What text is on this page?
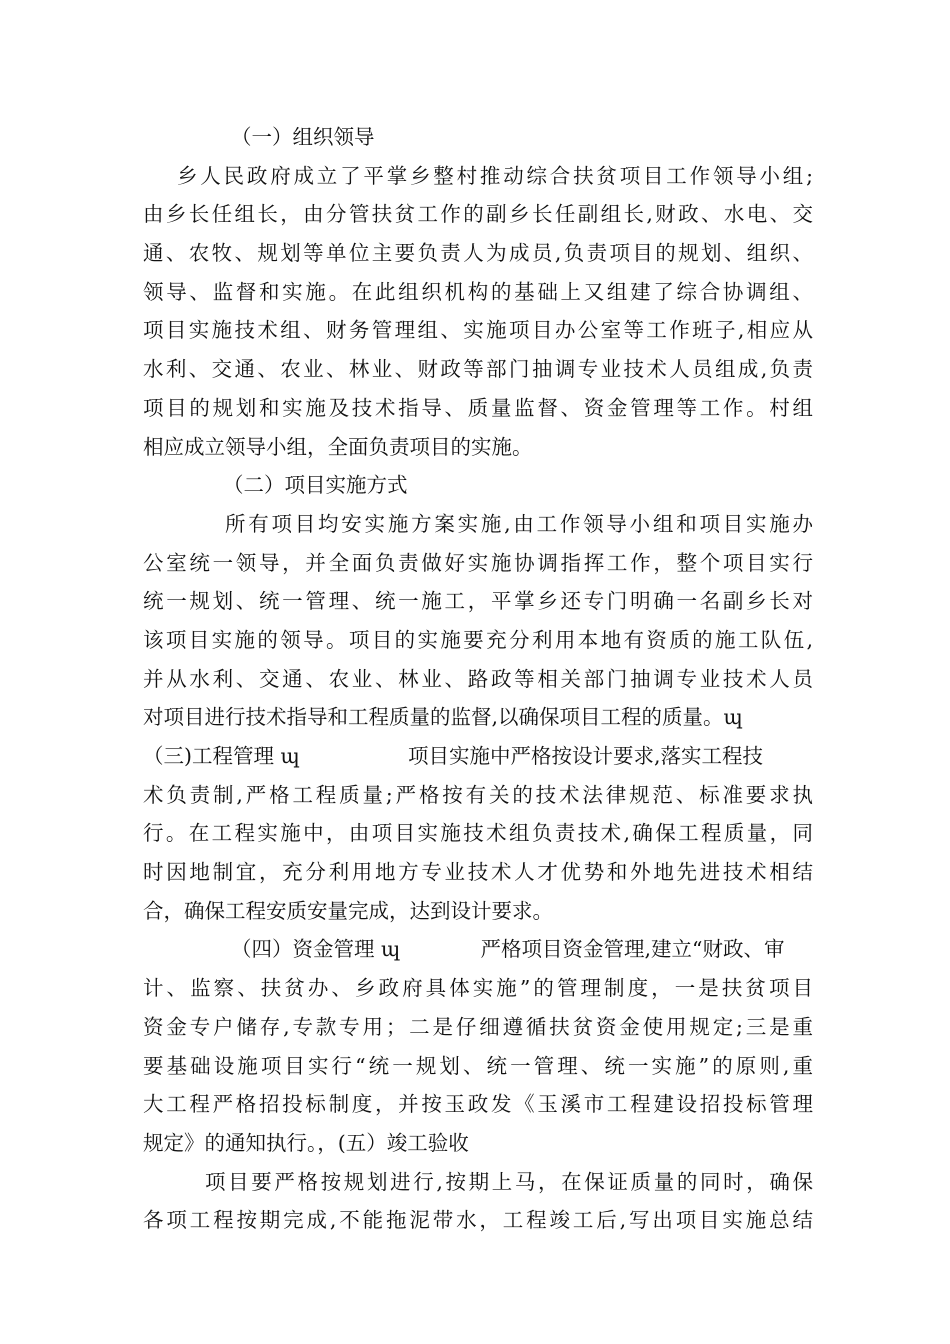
（一）组织领导
乡人民政府成立了平掌乡整村推动综合扶贫项目工作领导小组;
由乡长任组长，由分管扶贫工作的副乡长任副组长,财政、水电、交
通、农牧、规划等单位主要负责人为成员,负责项目的规划、组织、
领导、监督和实施。在此组织机构的基础上又组建了综合协调组、
项目实施技术组、财务管理组、实施项目办公室等工作班子,相应从
水利、交通、农业、林业、财政等部门抽调专业技术人员组成,负责
项目的规划和实施及技术指导、质量监督、资金管理等工作。村组
相应成立领导小组，全面负责项目的实施。
（二）项目实施方式
所有项目均安实施方案实施,由工作领导小组和项目实施办
公室统一领导，并全面负责做好实施协调指挥工作，整个项目实行
统一规划、统一管理、统一施工，平掌乡还专门明确一名副乡长对
该项目实施的领导。项目的实施要充分利用本地有资质的施工队伍,
并从水利、交通、农业、林业、路政等相关部门抽调专业技术人员
对项目进行技术指导和工程质量的监督,以确保项目工程的质量。ɰ
（三)工程管理 ɰ	项目实施中严格按设计要求,落实工程技
术负责制,严格工程质量;严格按有关的技术法律规范、标准要求执
行。在工程实施中，由项目实施技术组负责技术,确保工程质量，同
时因地制宜，充分利用地方专业技术人才优势和外地先进技术相结
合，确保工程安质安量完成，达到设计要求。
（四）资金管理 ɰ	严格项目资金管理,建立“财政、审
计、监察、扶贫办、乡政府具体实施”的管理制度，一是扶贫项目
资金专户储存,专款专用；二是仔细遵循扶贫资金使用规定;三是重
要基础设施项目实行“统一规划、统一管理、统一实施”的原则,重
大工程严格招投标制度，并按玉政发《玉溪市工程建设招投标管理
规定》的通知执行。，(五）竣工验收
项目要严格按规划进行,按期上马，在保证质量的同时，确保
各项工程按期完成,不能拖泥带水，工程竣工后,写出项目实施总结
